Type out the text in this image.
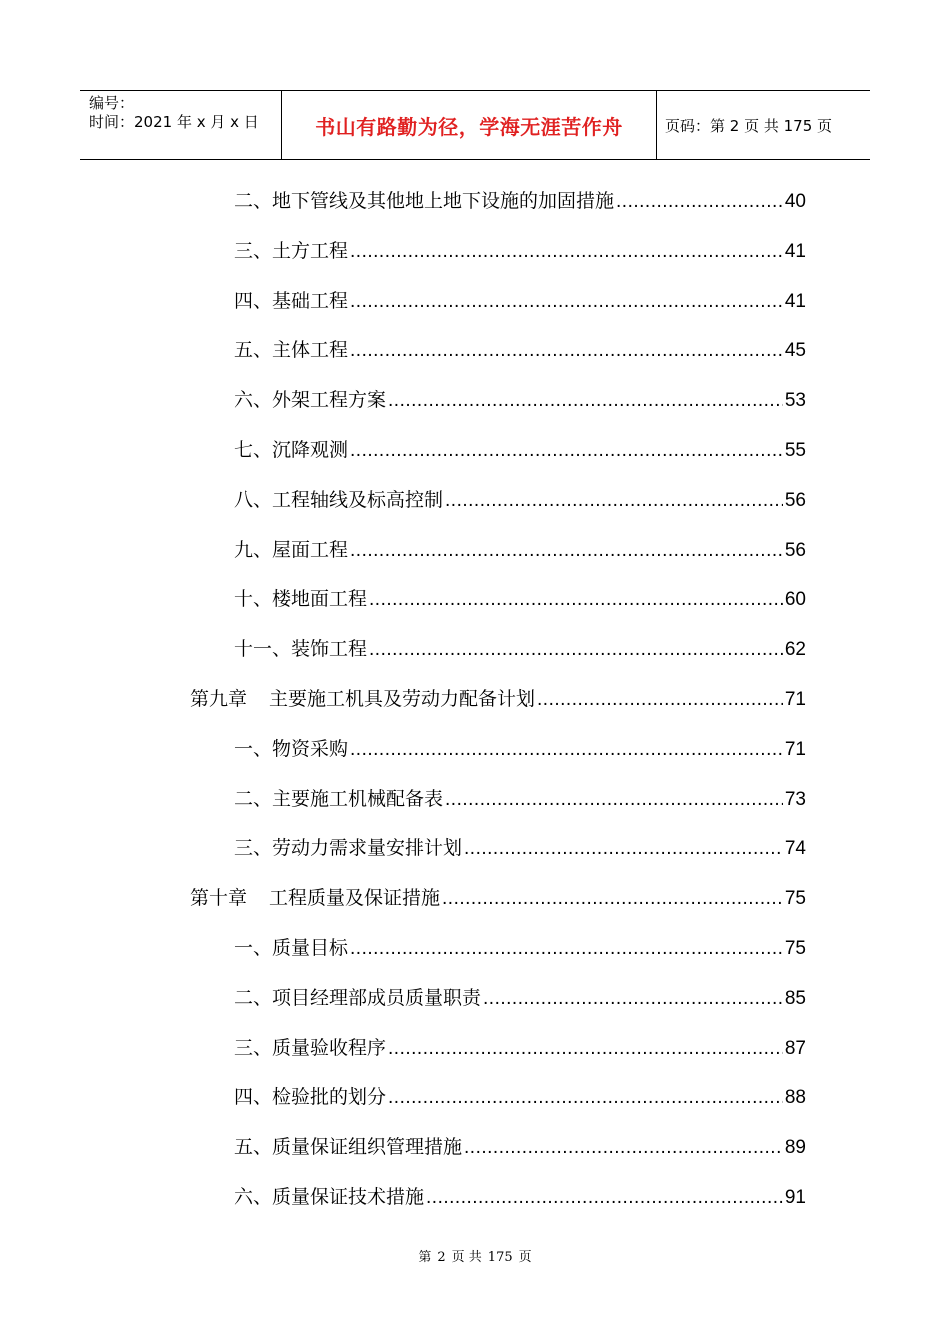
编号：
时间：2021 年 x 月 x 日	书山有路勤为径，学海无涯苦作舟	页码：第 2 页 共 175 页
二、地下管线及其他地上地下设施的加固措施 .....	40
三、土方工程 .....	41
四、基础工程 .....	41
五、主体工程 .....	45
六、外架工程方案 .....	53
七、沉降观测 .....	55
八、工程轴线及标高控制 .....	56
九、屋面工程 .....	56
十、楼地面工程 .....	60
十一、装饰工程 .....	62
第九章 主要施工机具及劳动力配备计划 .....	71
一、物资采购 .....	71
二、主要施工机械配备表 .....	73
三、劳动力需求量安排计划 .....	74
第十章 工程质量及保证措施 .....	75
一、质量目标 .....	75
二、项目经理部成员质量职责 .....	85
三、质量验收程序 .....	87
四、检验批的划分 .....	88
五、质量保证组织管理措施 .....	89
六、质量保证技术措施 .....	91
第 2 页 共 175 页
